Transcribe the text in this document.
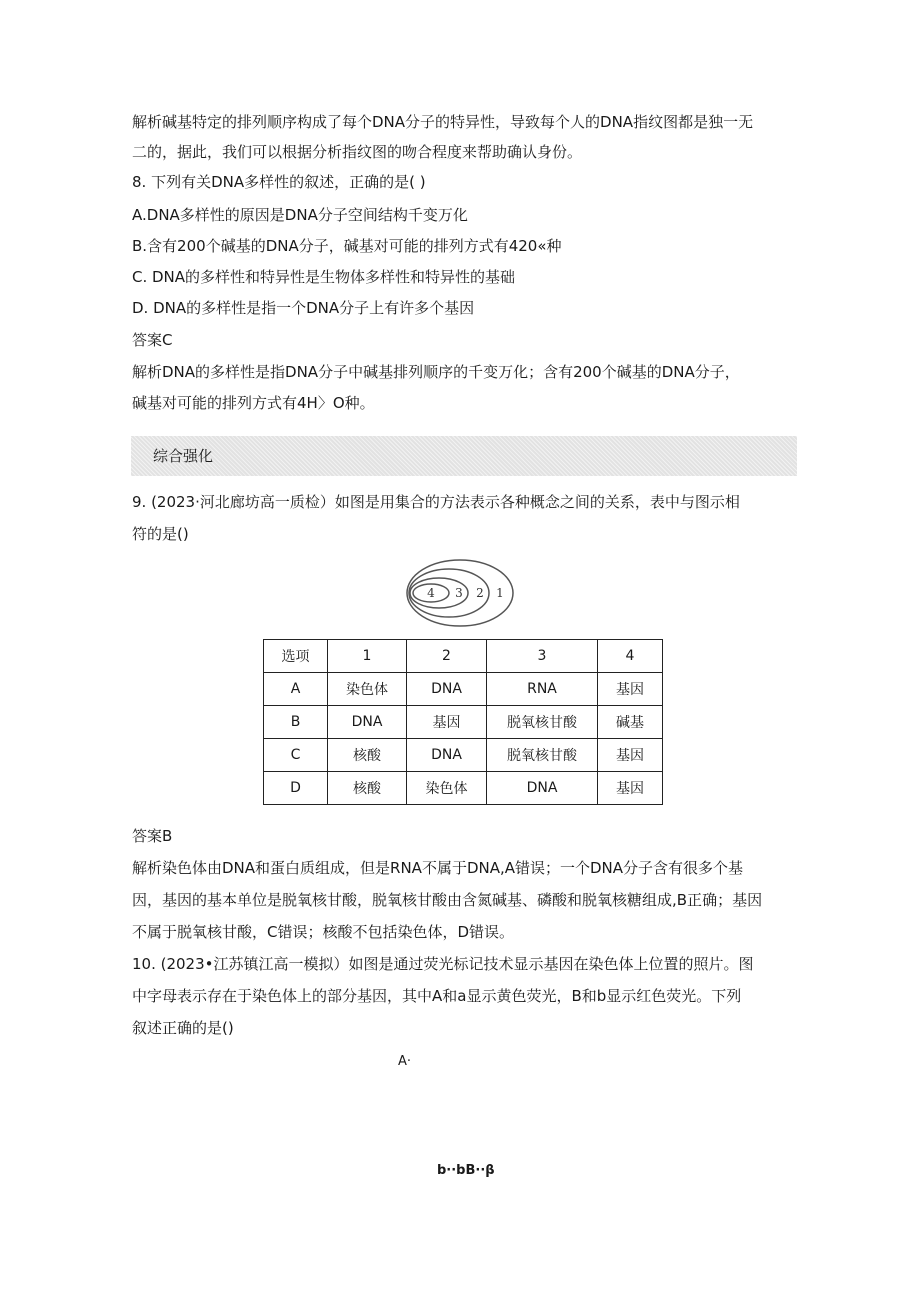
解析碱基特定的排列顺序构成了每个DNA分子的特异性，导致每个人的DNA指纹图都是独一无
二的，据此，我们可以根据分析指纹图的吻合程度来帮助确认身份。
8. 下列有关DNA多样性的叙述，正确的是( )
A.DNA多样性的原因是DNA分子空间结构千变万化
B.含有200个碱基的DNA分子，碱基对可能的排列方式有420«种
C. DNA的多样性和特异性是生物体多样性和特异性的基础
D. DNA的多样性是指一个DNA分子上有许多个基因
答案C
解析DNA的多样性是指DNA分子中碱基排列顺序的千变万化；含有200个碱基的DNA分子，
碱基对可能的排列方式有4H〉O种。
综合强化
9. (2023·河北廊坊高一质检）如图是用集合的方法表示各种概念之间的关系，表中与图示相
符的是()
4 3 2 1
选项	1	2	3	4
A	染色体	DNA	RNA	基因
B	DNA	基因	脱氧核甘酸	碱基
C	核酸	DNA	脱氧核甘酸	基因
D	核酸	染色体	DNA	基因
答案B
解析染色体由DNA和蛋白质组成，但是RNA不属于DNA,A错误；一个DNA分子含有很多个基
因，基因的基本单位是脱氧核甘酸，脱氧核甘酸由含氮碱基、磷酸和脱氧核糖组成,B正确；基因
不属于脱氧核甘酸，C错误；核酸不包括染色体，D错误。
10. (2023•江苏镇江高一模拟）如图是通过荧光标记技术显示基因在染色体上位置的照片。图
中字母表示存在于染色体上的部分基因，其中A和a显示黄色荧光，B和b显示红色荧光。下列
叙述正确的是()
A·
b··bB··β
